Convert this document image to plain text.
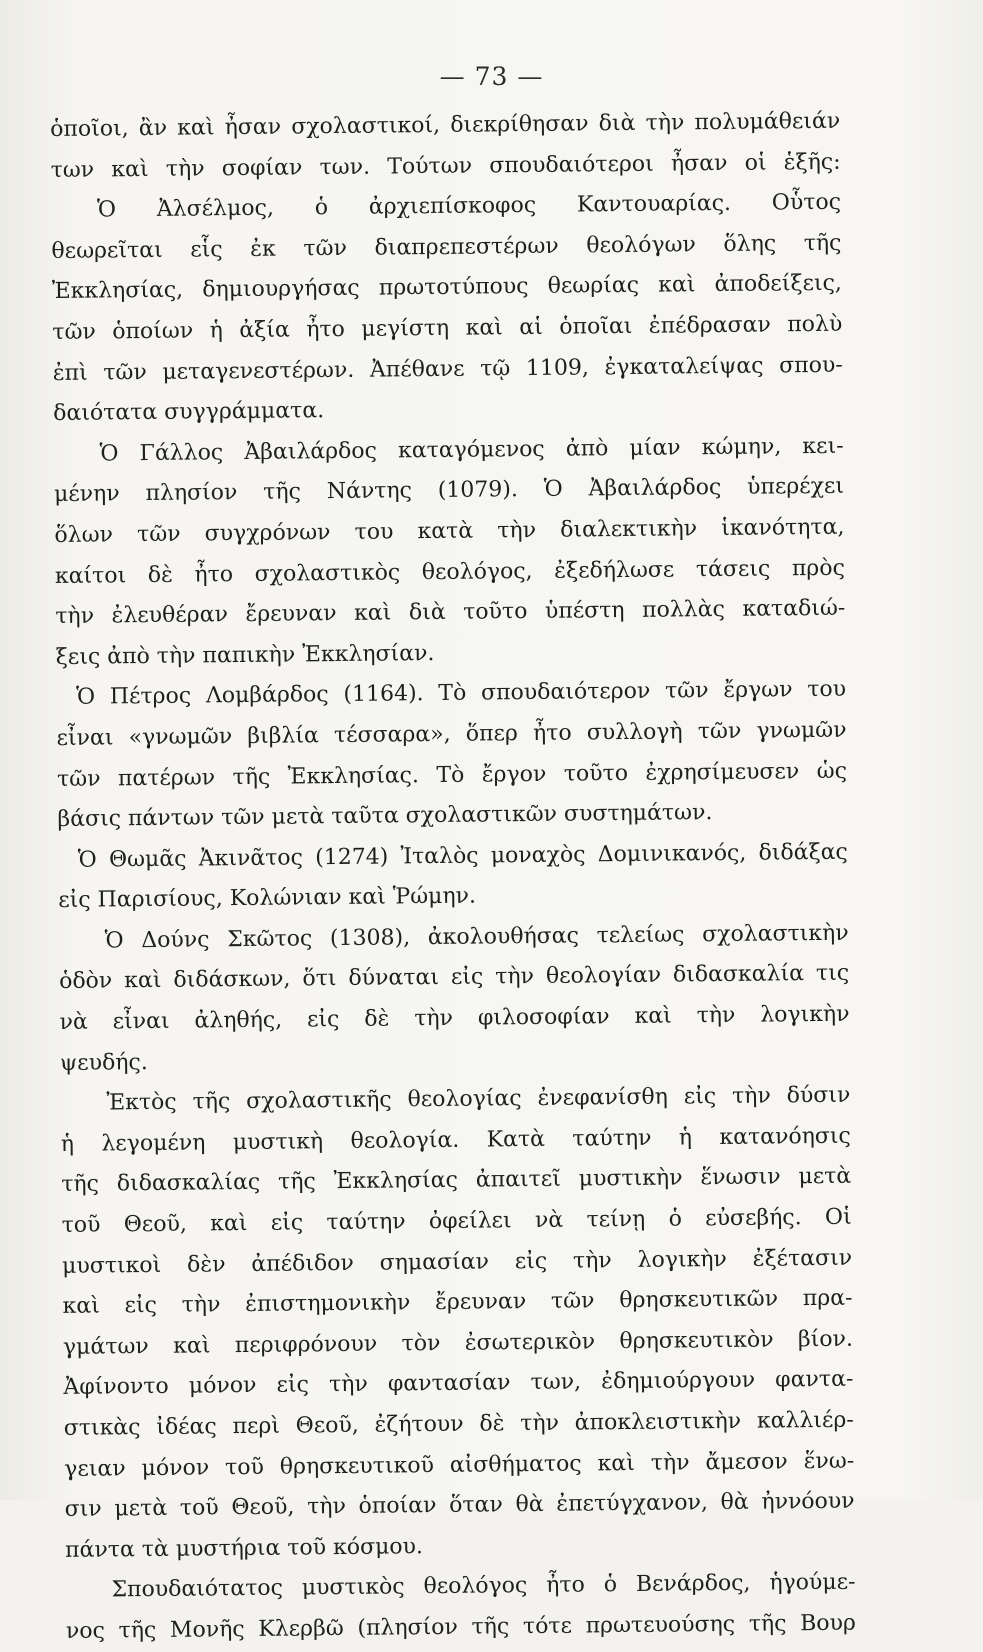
— 73 —
ὁποῖοι, ἂν καὶ ἦσαν σχολαστικοί, διεκρίθησαν διὰ τὴν πολυμάθειάν
των καὶ τὴν σοφίαν των. Τούτων σπουδαιότεροι ἦσαν οἱ ἑξῆς:
Ὁ Ἀλσέλμος, ὁ ἀρχιεπίσκοφος Καντουαρίας. Οὗτος
θεωρεῖται εἷς ἐκ τῶν διαπρεπεστέρων θεολόγων ὅλης τῆς
Ἐκκλησίας, δημιουργήσας πρωτοτύπους θεωρίας καὶ ἀποδείξεις,
τῶν ὁποίων ἡ ἀξία ἦτο μεγίστη καὶ αἱ ὁποῖαι ἐπέδρασαν πολὺ
ἐπὶ τῶν μεταγενεστέρων. Ἀπέθανε τῷ 1109, ἐγκαταλείψας σπου-
δαιότατα συγγράμματα.
Ὁ Γάλλος Ἀβαιλάρδος καταγόμενος ἀπὸ μίαν κώμην, κει-
μένην πλησίον τῆς Νάντης (1079). Ὁ Ἀβαιλάρδος ὑπερέχει
ὅλων τῶν συγχρόνων του κατὰ τὴν διαλεκτικὴν ἱκανότητα,
καίτοι δὲ ἦτο σχολαστικὸς θεολόγος, ἐξεδήλωσε τάσεις πρὸς
τὴν ἐλευθέραν ἔρευναν καὶ διὰ τοῦτο ὑπέστη πολλὰς καταδιώ-
ξεις ἀπὸ τὴν παπικὴν Ἐκκλησίαν.
Ὁ Πέτρος Λομβάρδος (1164). Τὸ σπουδαιότερον τῶν ἔργων του
εἶναι «γνωμῶν βιβλία τέσσαρα», ὅπερ ἦτο συλλογὴ τῶν γνωμῶν
τῶν πατέρων τῆς Ἐκκλησίας. Τὸ ἔργον τοῦτο ἐχρησίμευσεν ὡς
βάσις πάντων τῶν μετὰ ταῦτα σχολαστικῶν συστημάτων.
Ὁ Θωμᾶς Ἀκινᾶτος (1274) Ἰταλὸς μοναχὸς Δομινικανός, διδάξας
εἰς Παρισίους, Κολώνιαν καὶ Ῥώμην.
Ὁ Δούνς Σκῶτος (1308), ἀκολουθήσας τελείως σχολαστικὴν
ὁδὸν καὶ διδάσκων, ὅτι δύναται εἰς τὴν θεολογίαν διδασκαλία τις
νὰ εἶναι ἀληθής, εἰς δὲ τὴν φιλοσοφίαν καὶ τὴν λογικὴν
ψευδής.
Ἐκτὸς τῆς σχολαστικῆς θεολογίας ἐνεφανίσθη εἰς τὴν δύσιν
ἡ λεγομένη μυστικὴ θεολογία. Κατὰ ταύτην ἡ κατανόησις
τῆς διδασκαλίας τῆς Ἐκκλησίας ἀπαιτεῖ μυστικὴν ἕνωσιν μετὰ
τοῦ Θεοῦ, καὶ εἰς ταύτην ὀφείλει νὰ τείνῃ ὁ εὐσεβής. Οἱ
μυστικοὶ δὲν ἀπέδιδον σημασίαν εἰς τὴν λογικὴν ἐξέτασιν
καὶ εἰς τὴν ἐπιστημονικὴν ἔρευναν τῶν θρησκευτικῶν πρα-
γμάτων καὶ περιφρόνουν τὸν ἐσωτερικὸν θρησκευτικὸν βίον.
Ἀφίνοντο μόνον εἰς τὴν φαντασίαν των, ἐδημιούργουν φαντα-
στικὰς ἰδέας περὶ Θεοῦ, ἐζήτουν δὲ τὴν ἀποκλειστικὴν καλλιέρ-
γειαν μόνον τοῦ θρησκευτικοῦ αἰσθήματος καὶ τὴν ἄμεσον ἕνω-
σιν μετὰ τοῦ Θεοῦ, τὴν ὁποίαν ὅταν θὰ ἐπετύγχανον, θὰ ἠννόουν
πάντα τὰ μυστήρια τοῦ κόσμου.
Σπουδαιότατος μυστικὸς θεολόγος ἦτο ὁ Βενάρδος, ἡγούμε-
νος τῆς Μονῆς Κλερβῶ (πλησίον τῆς τότε πρωτευούσης τῆς Βουρ
